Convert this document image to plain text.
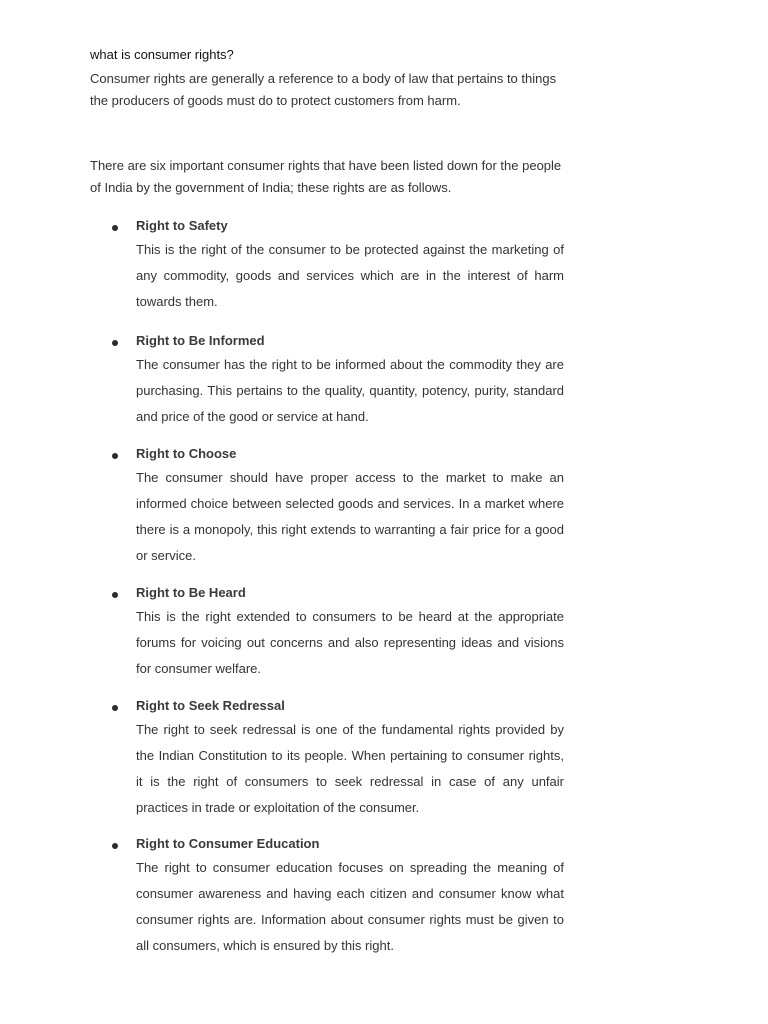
what is consumer rights?
Consumer rights are generally a reference to a body of law that pertains to things the producers of goods must do to protect customers from harm.
There are six important consumer rights that have been listed down for the people of India by the government of India; these rights are as follows.
Right to Safety
This is the right of the consumer to be protected against the marketing of any commodity, goods and services which are in the interest of harm towards them.
Right to Be Informed
The consumer has the right to be informed about the commodity they are purchasing. This pertains to the quality, quantity, potency, purity, standard and price of the good or service at hand.
Right to Choose
The consumer should have proper access to the market to make an informed choice between selected goods and services. In a market where there is a monopoly, this right extends to warranting a fair price for a good or service.
Right to Be Heard
This is the right extended to consumers to be heard at the appropriate forums for voicing out concerns and also representing ideas and visions for consumer welfare.
Right to Seek Redressal
The right to seek redressal is one of the fundamental rights provided by the Indian Constitution to its people. When pertaining to consumer rights, it is the right of consumers to seek redressal in case of any unfair practices in trade or exploitation of the consumer.
Right to Consumer Education
The right to consumer education focuses on spreading the meaning of consumer awareness and having each citizen and consumer know what consumer rights are. Information about consumer rights must be given to all consumers, which is ensured by this right.
